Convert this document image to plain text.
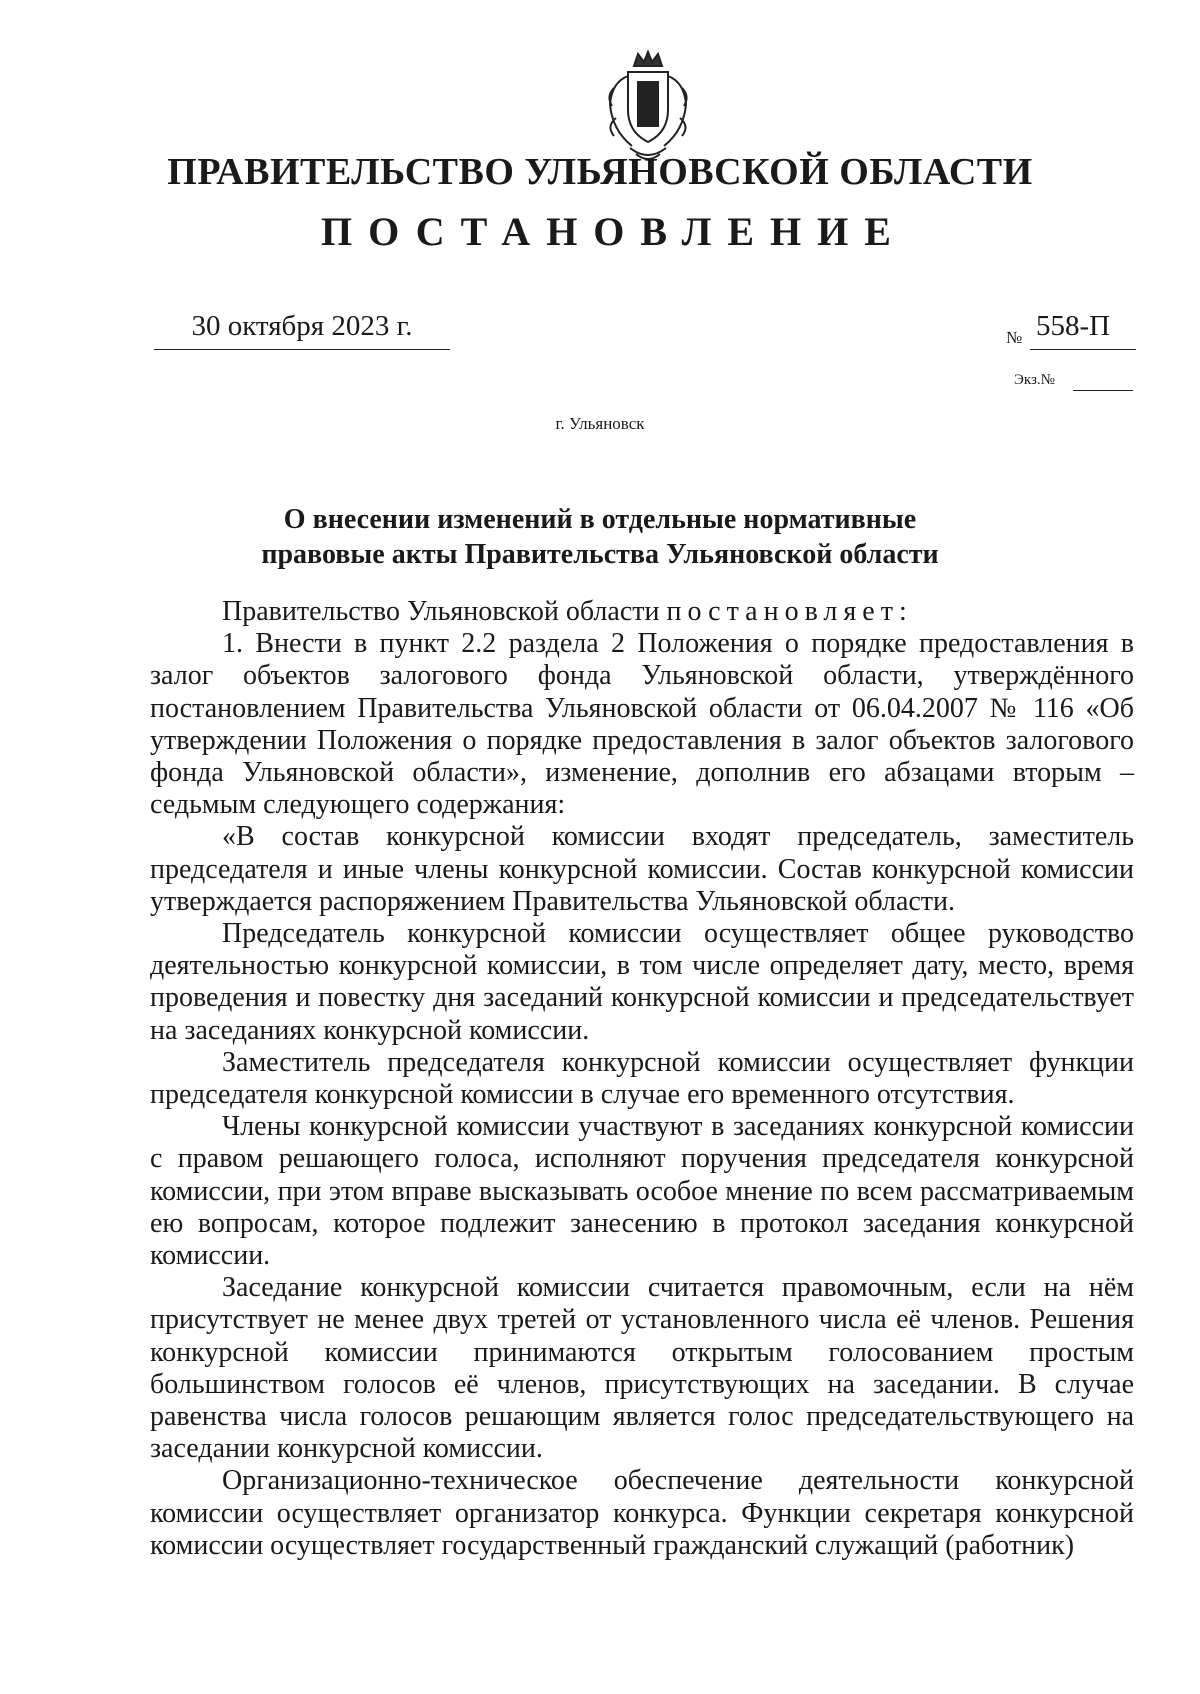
ПРАВИТЕЛЬСТВО УЛЬЯНОВСКОЙ ОБЛАСТИ
ПОСТАНОВЛЕНИЕ
30 октября 2023 г.	№ 558-П
Экз.№
г. Ульяновск
О внесении изменений в отдельные нормативные
правовые акты Правительства Ульяновской области

Правительство Ульяновской области постановляет:

1. Внести в пункт 2.2 раздела 2 Положения о порядке предоставления в залог объектов залогового фонда Ульяновской области, утверждённого постановлением Правительства Ульяновской области от 06.04.2007 № 116 «Об утверждении Положения о порядке предоставления в залог объектов залогового фонда Ульяновской области», изменение, дополнив его абзацами вторым – седьмым следующего содержания:

«В состав конкурсной комиссии входят председатель, заместитель председателя и иные члены конкурсной комиссии. Состав конкурсной комиссии утверждается распоряжением Правительства Ульяновской области.

Председатель конкурсной комиссии осуществляет общее руководство деятельностью конкурсной комиссии, в том числе определяет дату, место, время проведения и повестку дня заседаний конкурсной комиссии и председательствует на заседаниях конкурсной комиссии.

Заместитель председателя конкурсной комиссии осуществляет функции председателя конкурсной комиссии в случае его временного отсутствия.

Члены конкурсной комиссии участвуют в заседаниях конкурсной комиссии с правом решающего голоса, исполняют поручения председателя конкурсной комиссии, при этом вправе высказывать особое мнение по всем рассматриваемым ею вопросам, которое подлежит занесению в протокол заседания конкурсной комиссии.

Заседание конкурсной комиссии считается правомочным, если на нём присутствует не менее двух третей от установленного числа её членов. Решения конкурсной комиссии принимаются открытым голосованием простым большинством голосов её членов, присутствующих на заседании. В случае равенства числа голосов решающим является голос председательствующего на заседании конкурсной комиссии.

Организационно-техническое обеспечение деятельности конкурсной комиссии осуществляет организатор конкурса. Функции секретаря конкурсной комиссии осуществляет государственный гражданский служащий (работник)
